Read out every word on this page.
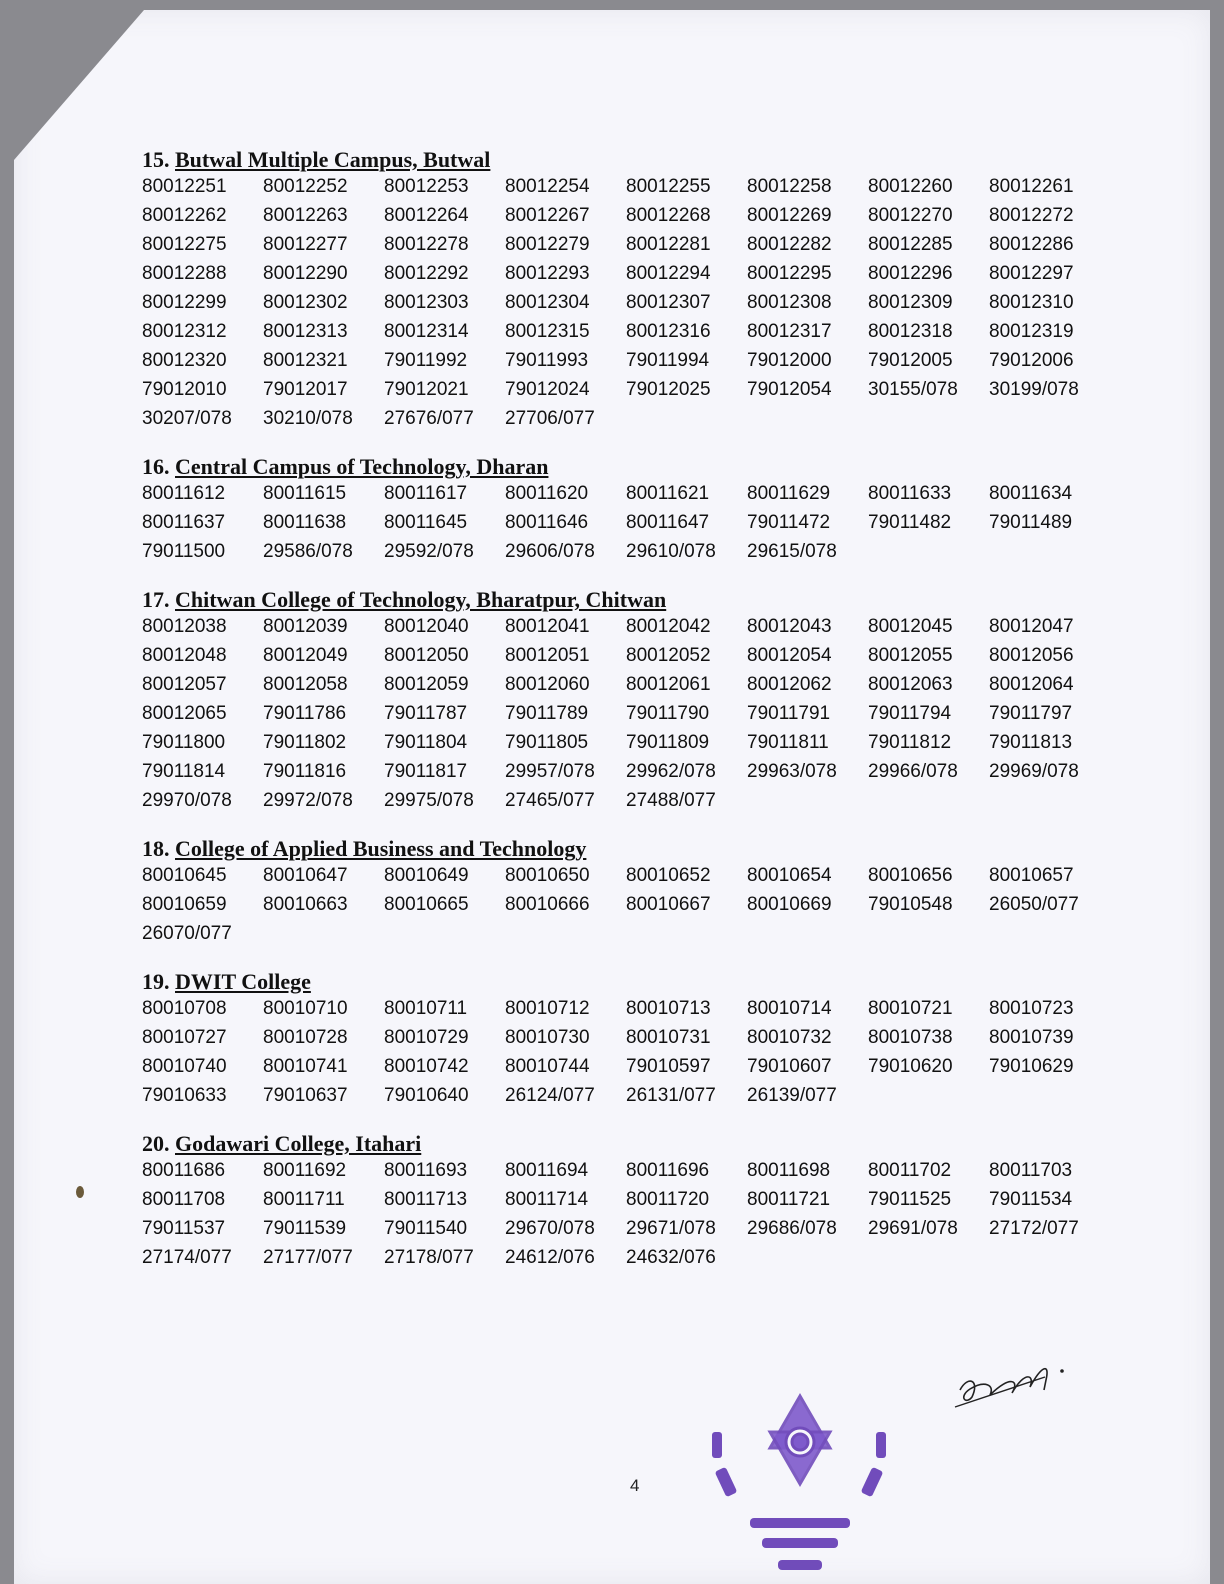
15. Butwal Multiple Campus, Butwal
80012251	80012252	80012253	80012254	80012255	80012258	80012260	80012261
80012262	80012263	80012264	80012267	80012268	80012269	80012270	80012272
80012275	80012277	80012278	80012279	80012281	80012282	80012285	80012286
80012288	80012290	80012292	80012293	80012294	80012295	80012296	80012297
80012299	80012302	80012303	80012304	80012307	80012308	80012309	80012310
80012312	80012313	80012314	80012315	80012316	80012317	80012318	80012319
80012320	80012321	79011992	79011993	79011994	79012000	79012005	79012006
79012010	79012017	79012021	79012024	79012025	79012054	30155/078	30199/078
30207/078	30210/078	27676/077	27706/077
16. Central Campus of Technology, Dharan
80011612	80011615	80011617	80011620	80011621	80011629	80011633	80011634
80011637	80011638	80011645	80011646	80011647	79011472	79011482	79011489
79011500	29586/078	29592/078	29606/078	29610/078	29615/078
17. Chitwan College of Technology, Bharatpur, Chitwan
80012038	80012039	80012040	80012041	80012042	80012043	80012045	80012047
80012048	80012049	80012050	80012051	80012052	80012054	80012055	80012056
80012057	80012058	80012059	80012060	80012061	80012062	80012063	80012064
80012065	79011786	79011787	79011789	79011790	79011791	79011794	79011797
79011800	79011802	79011804	79011805	79011809	79011811	79011812	79011813
79011814	79011816	79011817	29957/078	29962/078	29963/078	29966/078	29969/078
29970/078	29972/078	29975/078	27465/077	27488/077
18. College of Applied Business and Technology
80010645	80010647	80010649	80010650	80010652	80010654	80010656	80010657
80010659	80010663	80010665	80010666	80010667	80010669	79010548	26050/077
26070/077
19. DWIT College
80010708	80010710	80010711	80010712	80010713	80010714	80010721	80010723
80010727	80010728	80010729	80010730	80010731	80010732	80010738	80010739
80010740	80010741	80010742	80010744	79010597	79010607	79010620	79010629
79010633	79010637	79010640	26124/077	26131/077	26139/077
20. Godawari College, Itahari
80011686	80011692	80011693	80011694	80011696	80011698	80011702	80011703
80011708	80011711	80011713	80011714	80011720	80011721	79011525	79011534
79011537	79011539	79011540	29670/078	29671/078	29686/078	29691/078	27172/077
27174/077	27177/077	27178/077	24612/076	24632/076
4
